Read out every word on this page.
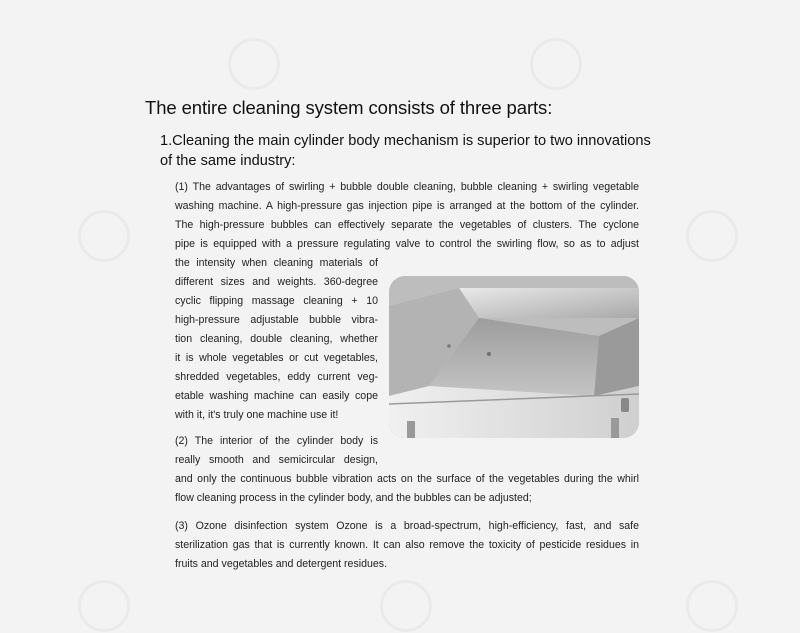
The entire cleaning system consists of three parts:
1.Cleaning the main cylinder body mechanism is superior to two innovations of the same industry:
(1) The advantages of swirling + bubble double cleaning, bubble cleaning + swirling vegetable
washing machine. A high-pressure gas injection pipe is arranged at the bottom of the cylinder.
The high-pressure bubbles can effectively separate the vegetables of clusters. The cyclone
pipe is equipped with a pressure regulating valve to control the swirling flow, so as to adjust
the intensity when cleaning materials of
different sizes and weights. 360-degree
cyclic flipping massage cleaning + 10
high-pressure adjustable bubble vibra-
tion cleaning, double cleaning, whether
it is whole vegetables or cut vegetables,
shredded vegetables, eddy current veg-
etable washing machine can easily cope
with it, it's truly one machine use it!
(2) The interior of the cylinder body is
really smooth and semicircular design,
and only the continuous bubble vibration acts on the surface of the vegetables during the whirl
flow cleaning process in the cylinder body, and the bubbles can be adjusted;
(3) Ozone disinfection system Ozone is a broad-spectrum, high-efficiency, fast, and safe
sterilization gas that is currently known. It can also remove the toxicity of pesticide residues in
fruits and vegetables and detergent residues.
